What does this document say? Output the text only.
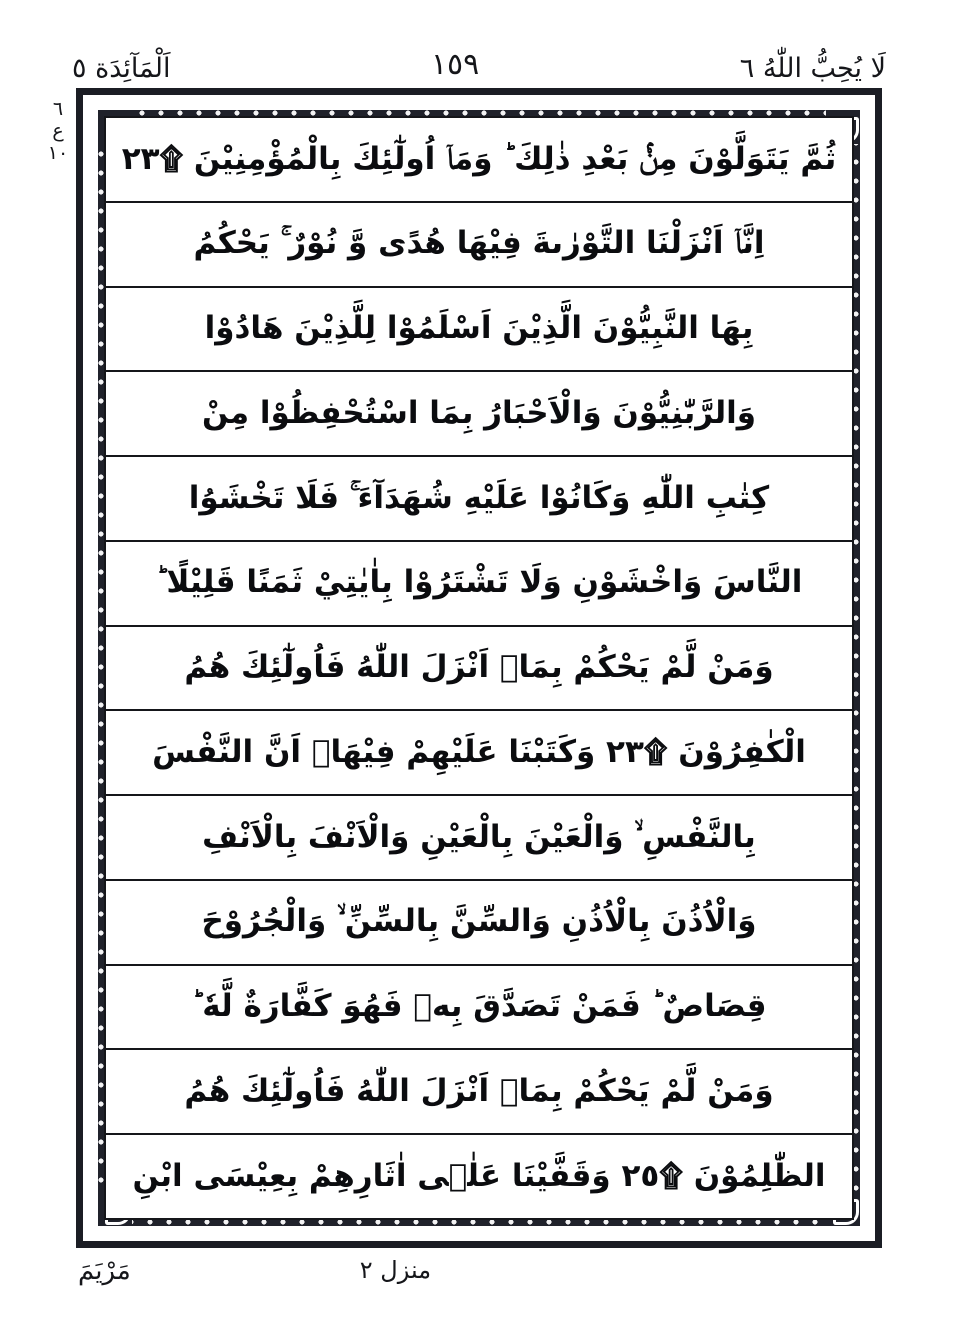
اَلْمَآئِدَة ٥	١٥٩	لَا يُحِبُّ اللّٰهُ ٦
٦
ع
١٠	ثُمَّ يَتَوَلَّوْنَ مِنْۢ بَعْدِ ذٰلِكَ ؕ وَمَاۤ اُولٰٓئِكَ بِالْمُؤْمِنِيْنَ ۩٢٣
اِنَّاۤ اَنْزَلْنَا التَّوْرٰىةَ فِيْهَا هُدًى وَّ نُوْرٌ ۚ يَحْكُمُ
بِهَا النَّبِيُّوْنَ الَّذِيْنَ اَسْلَمُوْا لِلَّذِيْنَ هَادُوْا
وَالرَّبّٰنِيُّوْنَ وَالْاَحْبَارُ بِمَا اسْتُحْفِظُوْا مِنْ
كِتٰبِ اللّٰهِ وَكَانُوْا عَلَيْهِ شُهَدَآءَ ۚ فَلَا تَخْشَوُا
النَّاسَ وَاخْشَوْنِ وَلَا تَشْتَرُوْا بِاٰيٰتِيْ ثَمَنًا قَلِيْلًا ؕ
وَمَنْ لَّمْ يَحْكُمْ بِمَاۤ اَنْزَلَ اللّٰهُ فَاُولٰٓئِكَ هُمُ
الْكٰفِرُوْنَ ۩٢٣ وَكَتَبْنَا عَلَيْهِمْ فِيْهَاۤ اَنَّ النَّفْسَ
بِالنَّفْسِ ۙ وَالْعَيْنَ بِالْعَيْنِ وَالْاَنْفَ بِالْاَنْفِ
وَالْاُذُنَ بِالْاُذُنِ وَالسِّنَّ بِالسِّنِّ ۙ وَالْجُرُوْحَ
قِصَاصٌ ؕ فَمَنْ تَصَدَّقَ بِهٖ فَهُوَ كَفَّارَةٌ لَّهٗ ؕ
وَمَنْ لَّمْ يَحْكُمْ بِمَاۤ اَنْزَلَ اللّٰهُ فَاُولٰٓئِكَ هُمُ
الظّٰلِمُوْنَ ۩٢٥ وَقَفَّيْنَا عَلٰۤى اٰثَارِهِمْ بِعِيْسَى ابْنِ
مَرْيَمَ	منزل ٢
